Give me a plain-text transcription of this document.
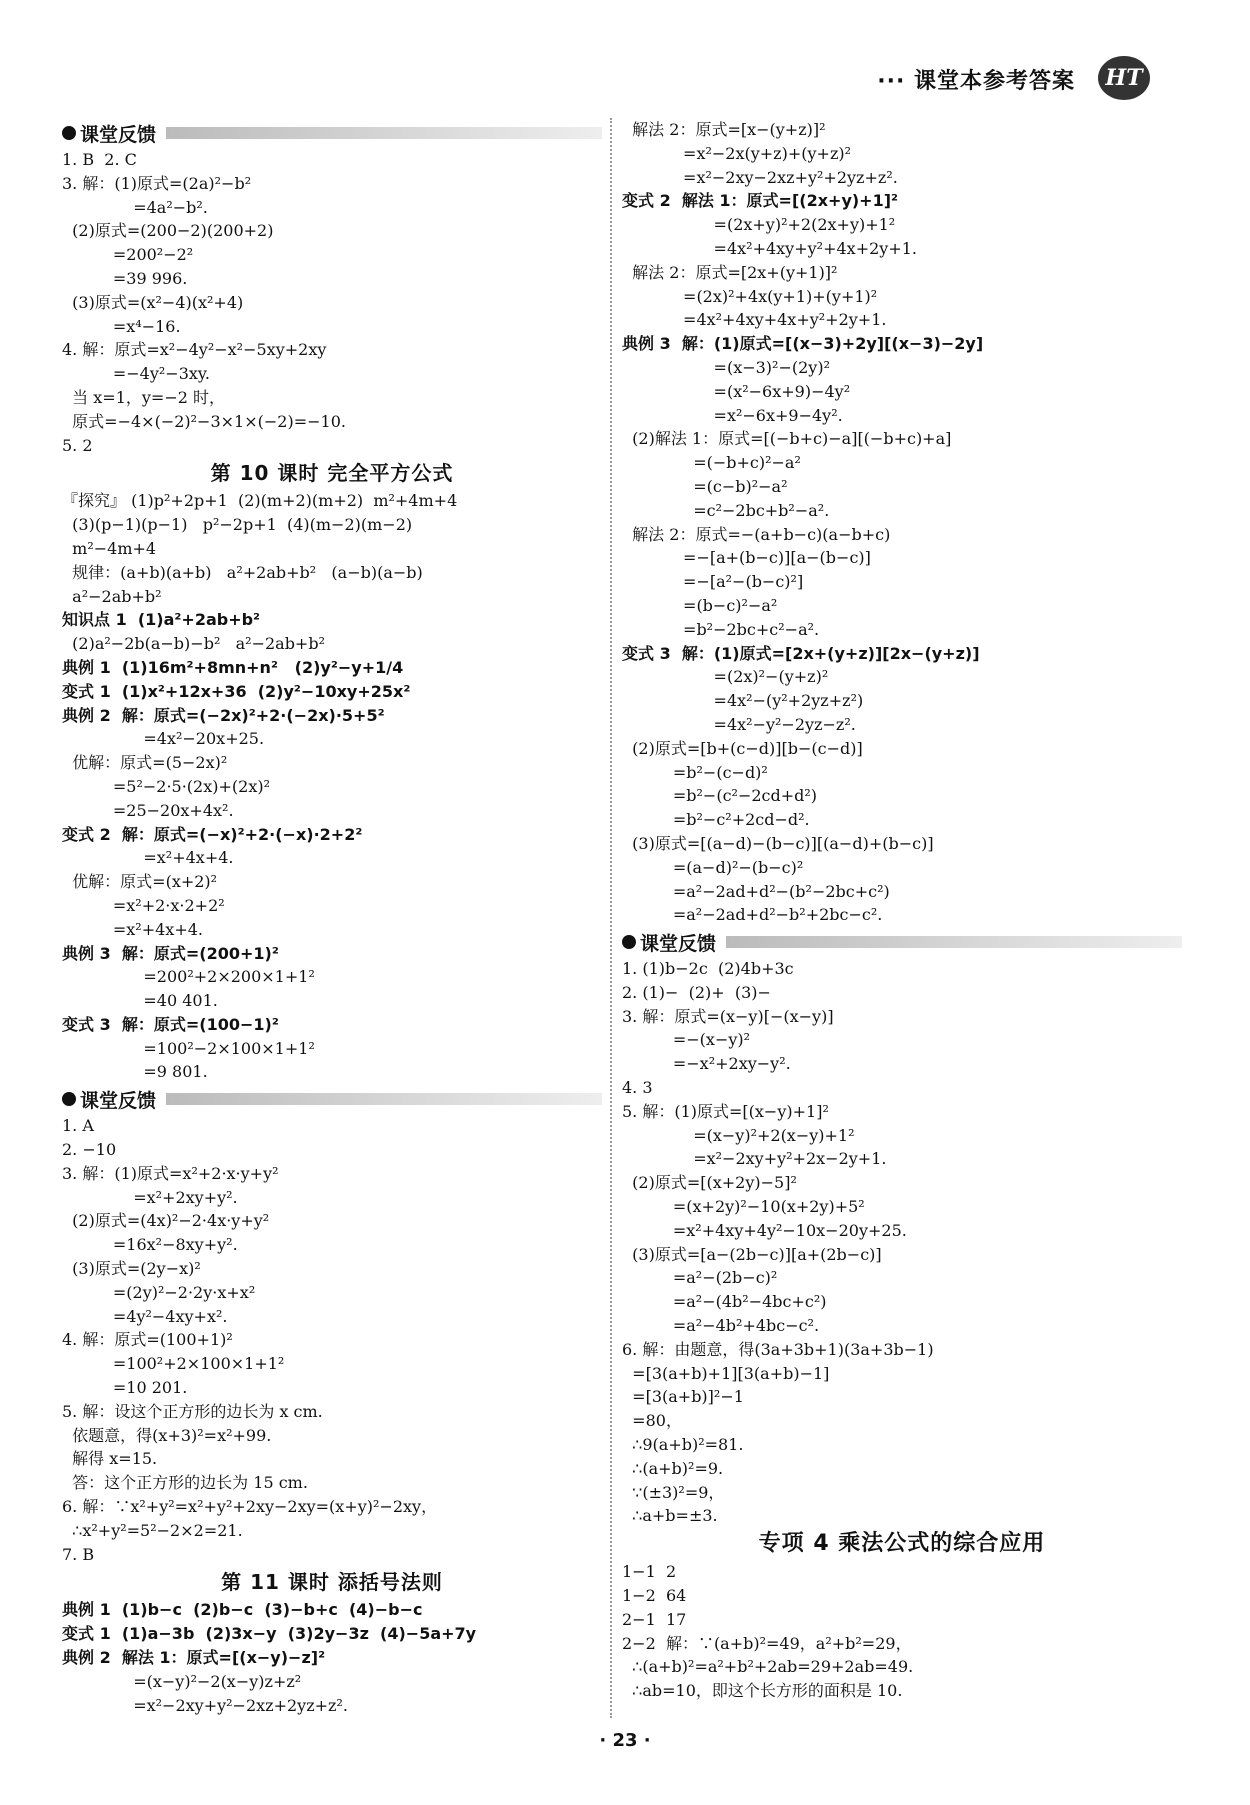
··· 课堂本参考答案	HT
课堂反馈
1. B  2. C
3. 解：(1)原式=(2a)²−b²
=4a²−b².
(2)原式=(200−2)(200+2)
=200²−2²
=39 996.
(3)原式=(x²−4)(x²+4)
=x⁴−16.
4. 解：原式=x²−4y²−x²−5xy+2xy
=−4y²−3xy.
当 x=1，y=−2 时，
原式=−4×(−2)²−3×1×(−2)=−10.
5. 2
第 10 课时 完全平方公式
『探究』 (1)p²+2p+1  (2)(m+2)(m+2)  m²+4m+4
(3)(p−1)(p−1)   p²−2p+1  (4)(m−2)(m−2)
m²−4m+4
规律：(a+b)(a+b)   a²+2ab+b²   (a−b)(a−b)
a²−2ab+b²
知识点 1  (1)a²+2ab+b²
(2)a²−2b(a−b)−b²   a²−2ab+b²
典例 1  (1)16m²+8mn+n²   (2)y²−y+1/4
变式 1  (1)x²+12x+36  (2)y²−10xy+25x²
典例 2  解：原式=(−2x)²+2·(−2x)·5+5²
=4x²−20x+25.
优解：原式=(5−2x)²
=5²−2·5·(2x)+(2x)²
=25−20x+4x².
变式 2  解：原式=(−x)²+2·(−x)·2+2²
=x²+4x+4.
优解：原式=(x+2)²
=x²+2·x·2+2²
=x²+4x+4.
典例 3  解：原式=(200+1)²
=200²+2×200×1+1²
=40 401.
变式 3  解：原式=(100−1)²
=100²−2×100×1+1²
=9 801.
课堂反馈
1. A
2. −10
3. 解：(1)原式=x²+2·x·y+y²
=x²+2xy+y².
(2)原式=(4x)²−2·4x·y+y²
=16x²−8xy+y².
(3)原式=(2y−x)²
=(2y)²−2·2y·x+x²
=4y²−4xy+x².
4. 解：原式=(100+1)²
=100²+2×100×1+1²
=10 201.
5. 解：设这个正方形的边长为 x cm.
依题意，得(x+3)²=x²+99.
解得 x=15.
答：这个正方形的边长为 15 cm.
6. 解：∵x²+y²=x²+y²+2xy−2xy=(x+y)²−2xy，
∴x²+y²=5²−2×2=21.
7. B
第 11 课时 添括号法则
典例 1  (1)b−c  (2)b−c  (3)−b+c  (4)−b−c
变式 1  (1)a−3b  (2)3x−y  (3)2y−3z  (4)−5a+7y
典例 2  解法 1：原式=[(x−y)−z]²
=(x−y)²−2(x−y)z+z²
=x²−2xy+y²−2xz+2yz+z².
解法 2：原式=[x−(y+z)]²
=x²−2x(y+z)+(y+z)²
=x²−2xy−2xz+y²+2yz+z².
变式 2  解法 1：原式=[(2x+y)+1]²
=(2x+y)²+2(2x+y)+1²
=4x²+4xy+y²+4x+2y+1.
解法 2：原式=[2x+(y+1)]²
=(2x)²+4x(y+1)+(y+1)²
=4x²+4xy+4x+y²+2y+1.
典例 3  解：(1)原式=[(x−3)+2y][(x−3)−2y]
=(x−3)²−(2y)²
=(x²−6x+9)−4y²
=x²−6x+9−4y².
(2)解法 1：原式=[(−b+c)−a][(−b+c)+a]
=(−b+c)²−a²
=(c−b)²−a²
=c²−2bc+b²−a².
解法 2：原式=−(a+b−c)(a−b+c)
=−[a+(b−c)][a−(b−c)]
=−[a²−(b−c)²]
=(b−c)²−a²
=b²−2bc+c²−a².
变式 3  解：(1)原式=[2x+(y+z)][2x−(y+z)]
=(2x)²−(y+z)²
=4x²−(y²+2yz+z²)
=4x²−y²−2yz−z².
(2)原式=[b+(c−d)][b−(c−d)]
=b²−(c−d)²
=b²−(c²−2cd+d²)
=b²−c²+2cd−d².
(3)原式=[(a−d)−(b−c)][(a−d)+(b−c)]
=(a−d)²−(b−c)²
=a²−2ad+d²−(b²−2bc+c²)
=a²−2ad+d²−b²+2bc−c².
课堂反馈
1. (1)b−2c  (2)4b+3c
2. (1)−  (2)+  (3)−
3. 解：原式=(x−y)[−(x−y)]
=−(x−y)²
=−x²+2xy−y².
4. 3
5. 解：(1)原式=[(x−y)+1]²
=(x−y)²+2(x−y)+1²
=x²−2xy+y²+2x−2y+1.
(2)原式=[(x+2y)−5]²
=(x+2y)²−10(x+2y)+5²
=x²+4xy+4y²−10x−20y+25.
(3)原式=[a−(2b−c)][a+(2b−c)]
=a²−(2b−c)²
=a²−(4b²−4bc+c²)
=a²−4b²+4bc−c².
6. 解：由题意，得(3a+3b+1)(3a+3b−1)
=[3(a+b)+1][3(a+b)−1]
=[3(a+b)]²−1
=80，
∴9(a+b)²=81.
∴(a+b)²=9.
∵(±3)²=9，
∴a+b=±3.
专项 4 乘法公式的综合应用
1−1  2
1−2  64
2−1  17
2−2  解：∵(a+b)²=49，a²+b²=29，
∴(a+b)²=a²+b²+2ab=29+2ab=49.
∴ab=10，即这个长方形的面积是 10.
· 23 ·
